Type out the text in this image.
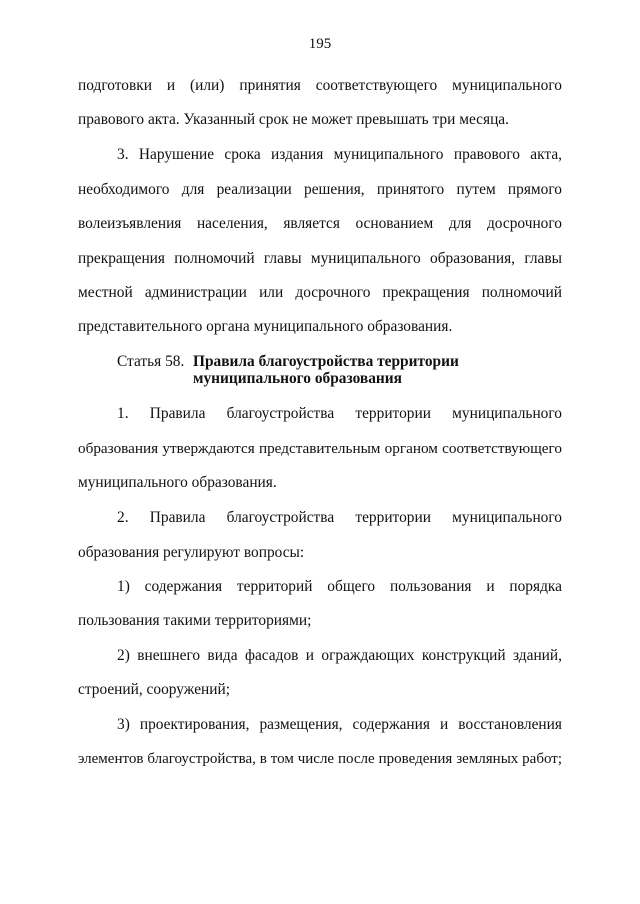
195
подготовки и (или) принятия соответствующего муниципального
правового акта. Указанный срок не может превышать три месяца.
3. Нарушение срока издания муниципального правового акта,
необходимого для реализации решения, принятого путем прямого
волеизъявления населения, является основанием для досрочного
прекращения полномочий главы муниципального образования, главы
местной администрации или досрочного прекращения полномочий
представительного органа муниципального образования.
Статья 58. Правила благоустройства территории
муниципального образования
1. Правила благоустройства территории муниципального
образования утверждаются представительным органом соответствующего
муниципального образования.
2. Правила благоустройства территории муниципального
образования регулируют вопросы:
1) содержания территорий общего пользования и порядка
пользования такими территориями;
2) внешнего вида фасадов и ограждающих конструкций зданий,
строений, сооружений;
3) проектирования, размещения, содержания и восстановления
элементов благоустройства, в том числе после проведения земляных работ;
